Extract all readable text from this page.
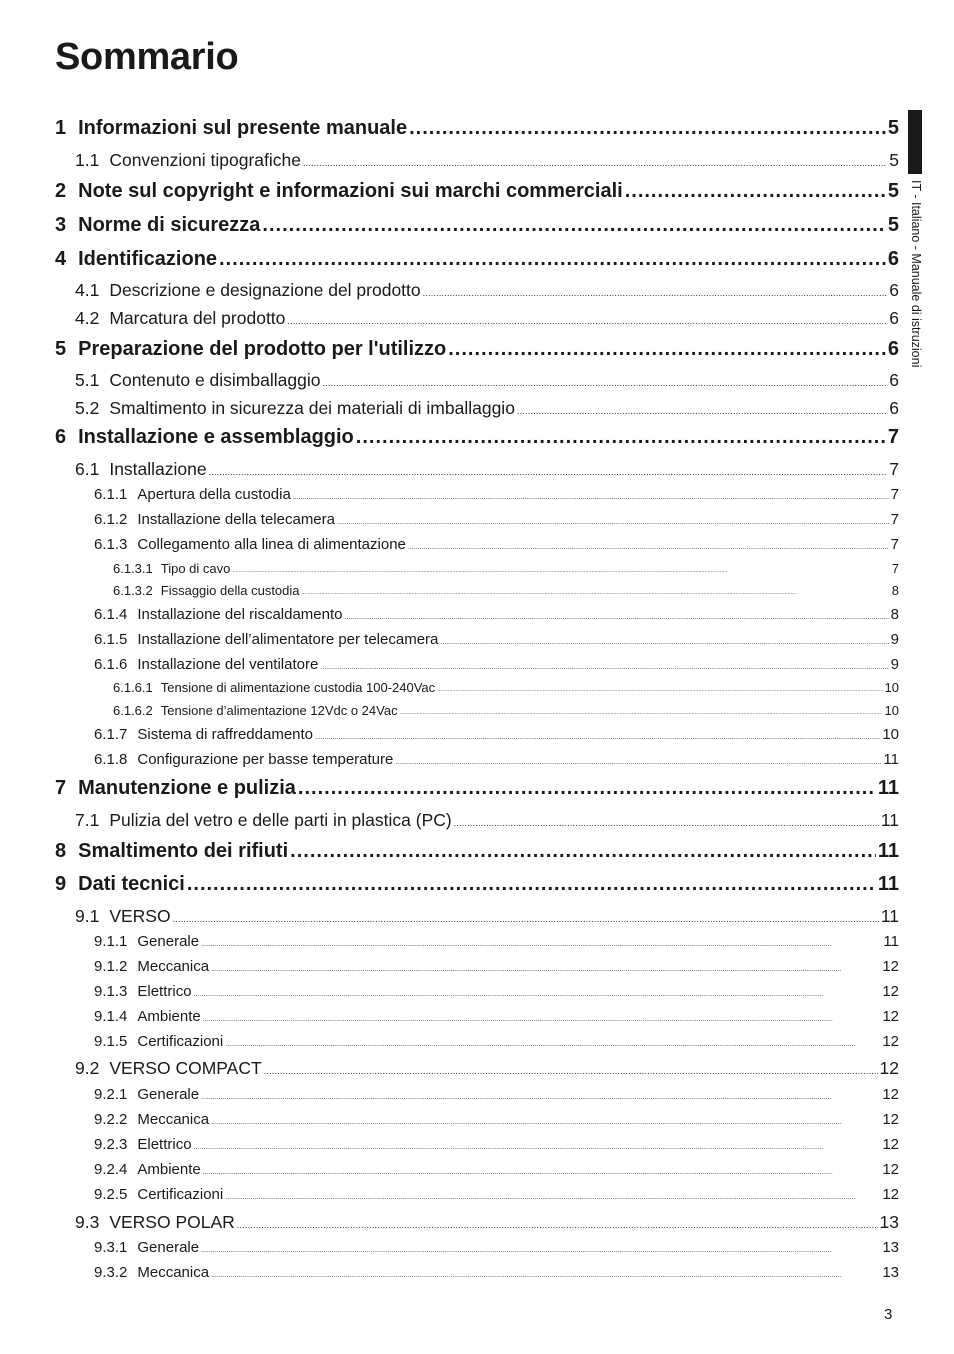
Sommario
1 Informazioni sul presente manuale .....	5
1.1 Convenzioni tipografiche .....	5
2 Note sul copyright e informazioni sui marchi commerciali .....	5
3 Norme di sicurezza .....	5
4 Identificazione .....	6
4.1 Descrizione e designazione del prodotto .....	6
4.2 Marcatura del prodotto .....	6
5 Preparazione del prodotto per l'utilizzo .....	6
5.1 Contenuto e disimballaggio .....	6
5.2 Smaltimento in sicurezza dei materiali di imballaggio .....	6
6 Installazione e assemblaggio .....	7
6.1 Installazione .....	7
6.1.1 Apertura della custodia .....	7
6.1.2 Installazione della telecamera .....	7
6.1.3 Collegamento alla linea di alimentazione .....	7
6.1.3.1 Tipo di cavo .....	7
6.1.3.2 Fissaggio della custodia .....	8
6.1.4 Installazione del riscaldamento .....	8
6.1.5 Installazione dell’alimentatore per telecamera .....	9
6.1.6 Installazione del ventilatore .....	9
6.1.6.1 Tensione di alimentazione custodia 100-240Vac .....	10
6.1.6.2 Tensione d’alimentazione 12Vdc o 24Vac .....	10
6.1.7 Sistema di raffreddamento .....	10
6.1.8 Configurazione per basse temperature .....	11
7 Manutenzione e pulizia .....	11
7.1 Pulizia del vetro e delle parti in plastica (PC) .....	11
8 Smaltimento dei rifiuti .....	11
9 Dati tecnici .....	11
9.1 VERSO .....	11
9.1.1 Generale .....	11
9.1.2 Meccanica .....	12
9.1.3 Elettrico .....	12
9.1.4 Ambiente .....	12
9.1.5 Certificazioni .....	12
9.2 VERSO COMPACT .....	12
9.2.1 Generale .....	12
9.2.2 Meccanica .....	12
9.2.3 Elettrico .....	12
9.2.4 Ambiente .....	12
9.2.5 Certificazioni .....	12
9.3 VERSO POLAR .....	13
9.3.1 Generale .....	13
9.3.2 Meccanica .....	13
IT - Italiano - Manuale di istruzioni
3
